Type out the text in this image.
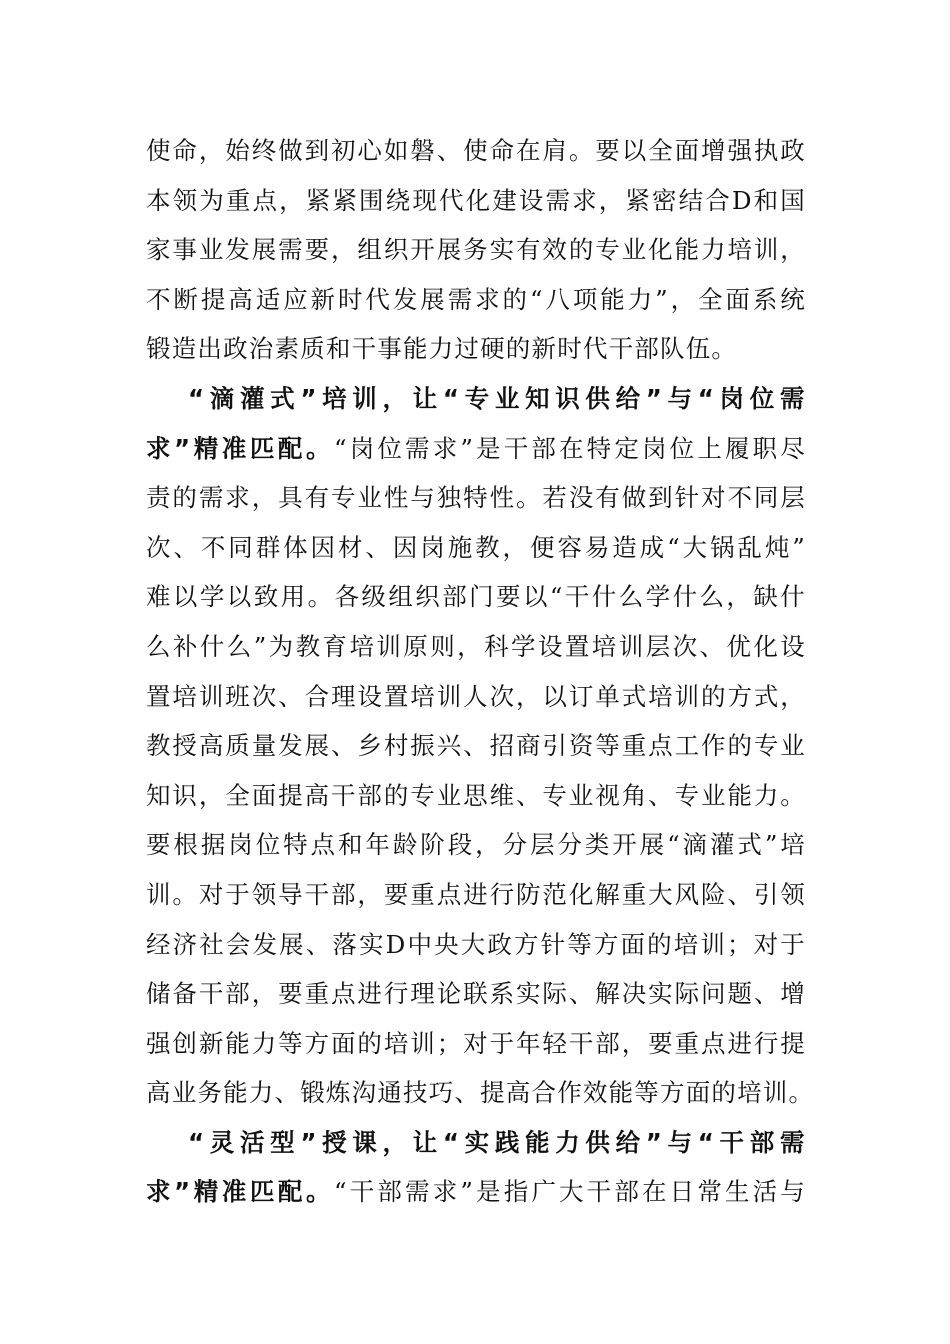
使命，始终做到初心如磐、使命在肩。要以全面增强执政
本领为重点，紧紧围绕现代化建设需求，紧密结合D和国
家事业发展需要，组织开展务实有效的专业化能力培训，
不断提高适应新时代发展需求的“八项能力”，全面系统
锻造出政治素质和干事能力过硬的新时代干部队伍。
“滴灌式”培训，让“专业知识供给”与“岗位需
求”精准匹配。“岗位需求”是干部在特定岗位上履职尽
责的需求，具有专业性与独特性。若没有做到针对不同层
次、不同群体因材、因岗施教，便容易造成“大锅乱炖”
难以学以致用。各级组织部门要以“干什么学什么，缺什
么补什么”为教育培训原则，科学设置培训层次、优化设
置培训班次、合理设置培训人次，以订单式培训的方式，
教授高质量发展、乡村振兴、招商引资等重点工作的专业
知识，全面提高干部的专业思维、专业视角、专业能力。
要根据岗位特点和年龄阶段，分层分类开展“滴灌式”培
训。对于领导干部，要重点进行防范化解重大风险、引领
经济社会发展、落实D中央大政方针等方面的培训；对于
储备干部，要重点进行理论联系实际、解决实际问题、增
强创新能力等方面的培训；对于年轻干部，要重点进行提
高业务能力、锻炼沟通技巧、提高合作效能等方面的培训。
“灵活型”授课，让“实践能力供给”与“干部需
求”精准匹配。“干部需求”是指广大干部在日常生活与
